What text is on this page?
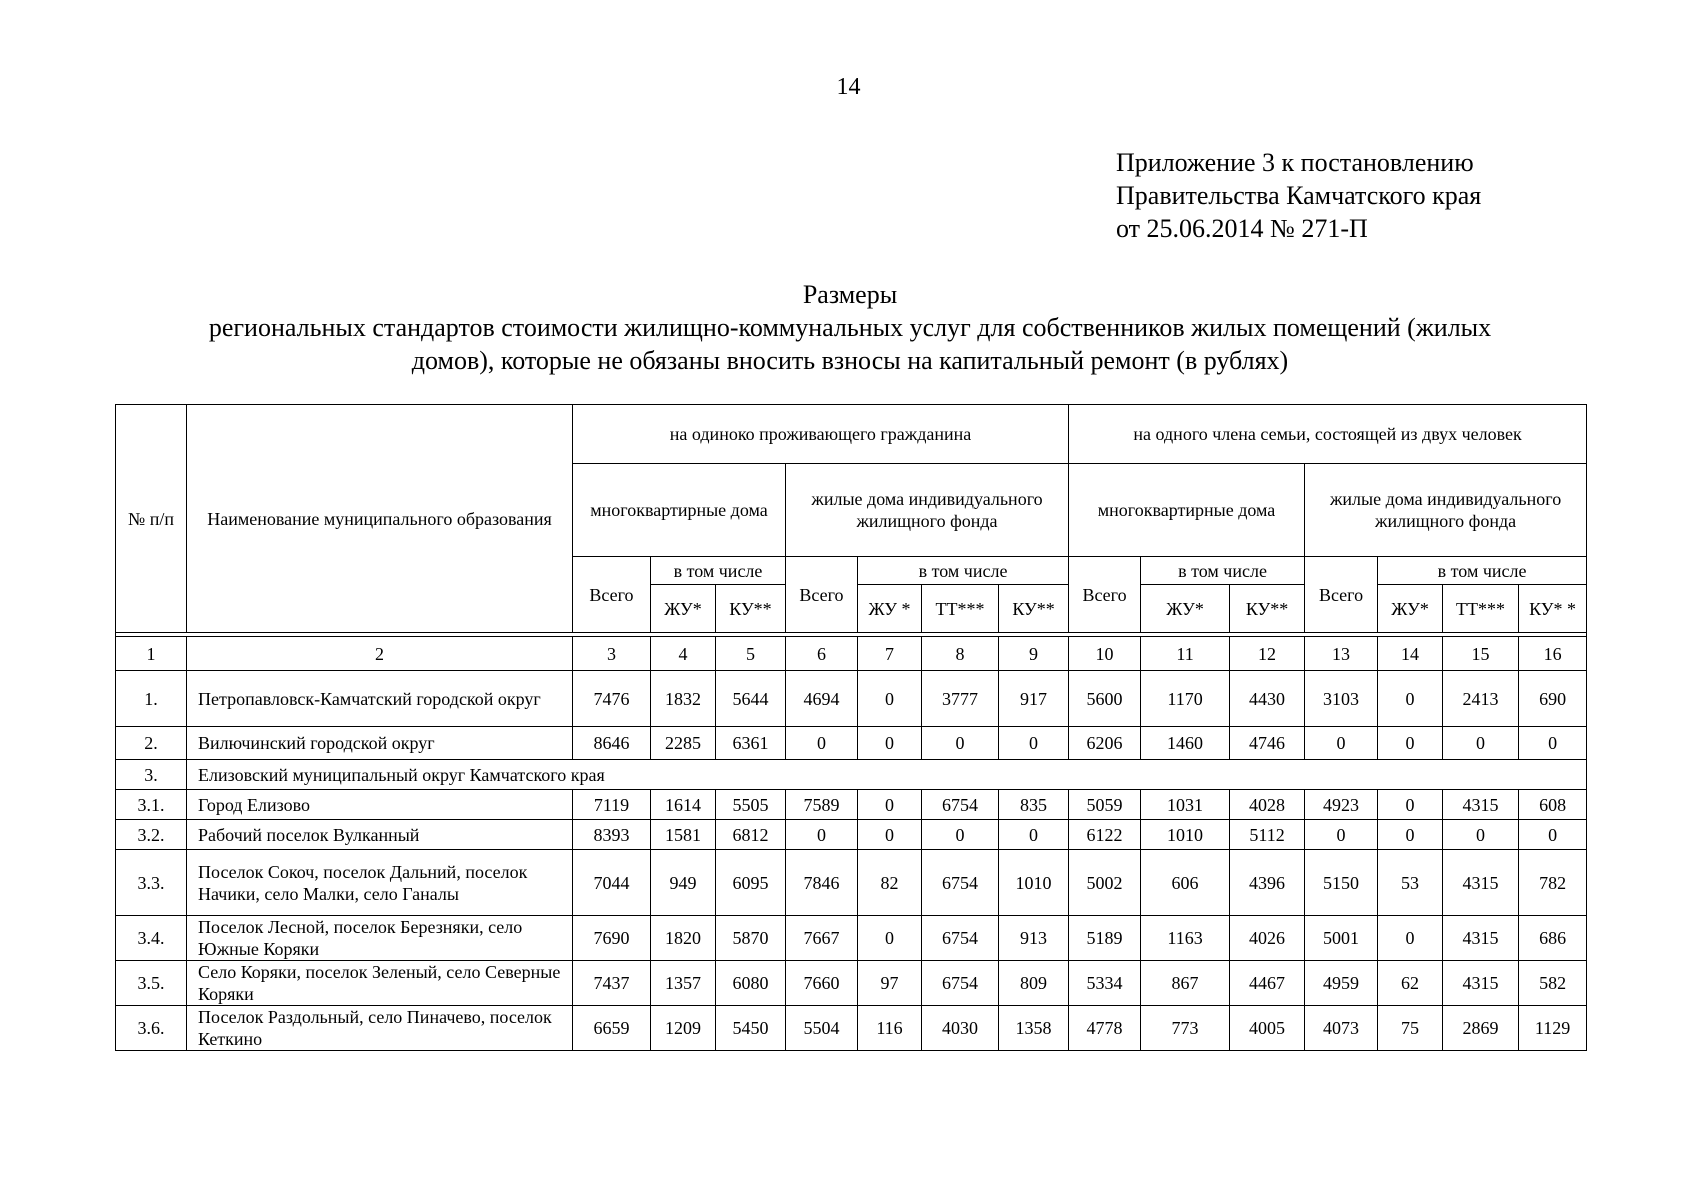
14
Приложение 3 к постановлению
Правительства Камчатского края
от 25.06.2014 № 271-П
Размеры
региональных стандартов стоимости жилищно-коммунальных услуг для собственников жилых помещений (жилых
домов), которые не обязаны вносить взносы на капитальный ремонт (в рублях)
№ п/п	Наименование муниципального образования	на одиноко проживающего гражданина							на одного члена семьи, состоящей из двух человек						
		многоквартирные дома			жилые дома индивидуального жилищного фонда				многоквартирные дома			жилые дома индивидуального жилищного фонда			
		Всего	в том числе		Всего	в том числе			Всего	в том числе		Всего	в том числе		
			ЖУ*	КУ**		ЖУ *	ТТ***	КУ**		ЖУ*	КУ**		ЖУ*	ТТ***	КУ* *

1	2	3	4	5	6	7	8	9	10	11	12	13	14	15	16
1.	Петропавловск-Камчатский городской округ	7476	1832	5644	4694	0	3777	917	5600	1170	4430	3103	0	2413	690
2.	Вилючинский городской округ	8646	2285	6361	0	0	0	0	6206	1460	4746	0	0	0	0
3.	Елизовский муниципальный округ Камчатского края														
3.1.	Город Елизово	7119	1614	5505	7589	0	6754	835	5059	1031	4028	4923	0	4315	608
3.2.	Рабочий поселок Вулканный	8393	1581	6812	0	0	0	0	6122	1010	5112	0	0	0	0
3.3.	Поселок Сокоч, поселок Дальний, поселок Начики, село Малки, село Ганалы	7044	949	6095	7846	82	6754	1010	5002	606	4396	5150	53	4315	782
3.4.	Поселок Лесной, поселок Березняки, село Южные Коряки	7690	1820	5870	7667	0	6754	913	5189	1163	4026	5001	0	4315	686
3.5.	Село Коряки, поселок Зеленый, село Северные Коряки	7437	1357	6080	7660	97	6754	809	5334	867	4467	4959	62	4315	582
3.6.	Поселок Раздольный, село Пиначево, поселок Кеткино	6659	1209	5450	5504	116	4030	1358	4778	773	4005	4073	75	2869	1129
